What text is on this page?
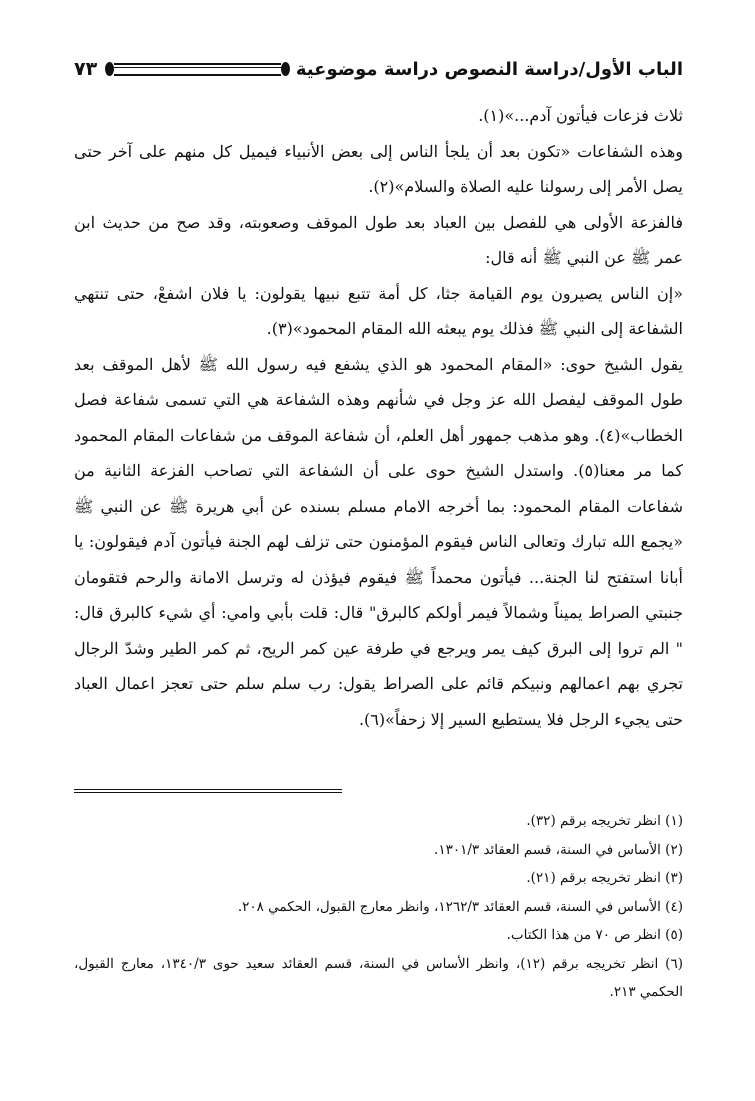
الباب الأول/دراسة النصوص دراسة موضوعية
٧٣

ثلاث فزعات فيأتون آدم...»(١).

وهذه الشفاعات «تكون بعد أن يلجأ الناس إلى بعض الأنبياء فيميل كل منهم على آخر حتى يصل الأمر إلى رسولنا عليه الصلاة والسلام»(٢).

فالفزعة الأولى هي للفصل بين العباد بعد طول الموقف وصعوبته، وقد صح من حديث ابن عمر ﷺ عن النبي ﷺ أنه قال:

«إن الناس يصيرون يوم القيامة جثا، كل أمة تتبع نبيها يقولون: يا فلان اشفعْ، حتى تنتهي الشفاعة إلى النبي ﷺ فذلك يوم يبعثه الله المقام المحمود»(٣).

يقول الشيخ حوى: «المقام المحمود هو الذي يشفع فيه رسول الله ﷺ لأهل الموقف بعد طول الموقف ليفصل الله عز وجل في شأنهم وهذه الشفاعة هي التي تسمى شفاعة فصل الخطاب»(٤). وهو مذهب جمهور أهل العلم، أن شفاعة الموقف من شفاعات المقام المحمود كما مر معنا(٥). واستدل الشيخ حوى على أن الشفاعة التي تصاحب الفزعة الثانية من شفاعات المقام المحمود: بما أخرجه الامام مسلم بسنده عن أبي هريرة ﷺ عن النبي ﷺ «يجمع الله تبارك وتعالى الناس فيقوم المؤمنون حتى تزلف لهم الجنة فيأتون آدم فيقولون: يا أبانا استفتح لنا الجنة... فيأتون محمداً ﷺ فيقوم فيؤذن له وترسل الامانة والرحم فتقومان جنبتي الصراط يميناً وشمالاً فيمر أولكم كالبرق" قال: قلت بأبي وامي: أي شيء كالبرق قال: " الم تروا إلى البرق كيف يمر ويرجع في طرفة عين كمر الريح، ثم كمر الطير وشدّ الرجال تجري بهم اعمالهم ونبيكم قائم على الصراط يقول: رب سلم سلم حتى تعجز اعمال العباد حتى يجيء الرجل فلا يستطيع السير إلا زحفاً»(٦).

(١) انظر تخريجه برقم (٣٢).

(٢) الأساس في السنة، قسم العقائد ١٣٠١/٣.

(٣) انظر تخريجه برقم (٢١).

(٤) الأساس في السنة، قسم العقائد ١٢٦٢/٣، وانظر معارج القبول، الحكمي ٢٠٨.

(٥) انظر ص ٧٠ من هذا الكتاب.

(٦) انظر تخريجه برقم (١٢)، وانظر الأساس في السنة، قسم العقائد سعيد حوى ١٣٤٠/٣، معارج القبول، الحكمي ٢١٣.
